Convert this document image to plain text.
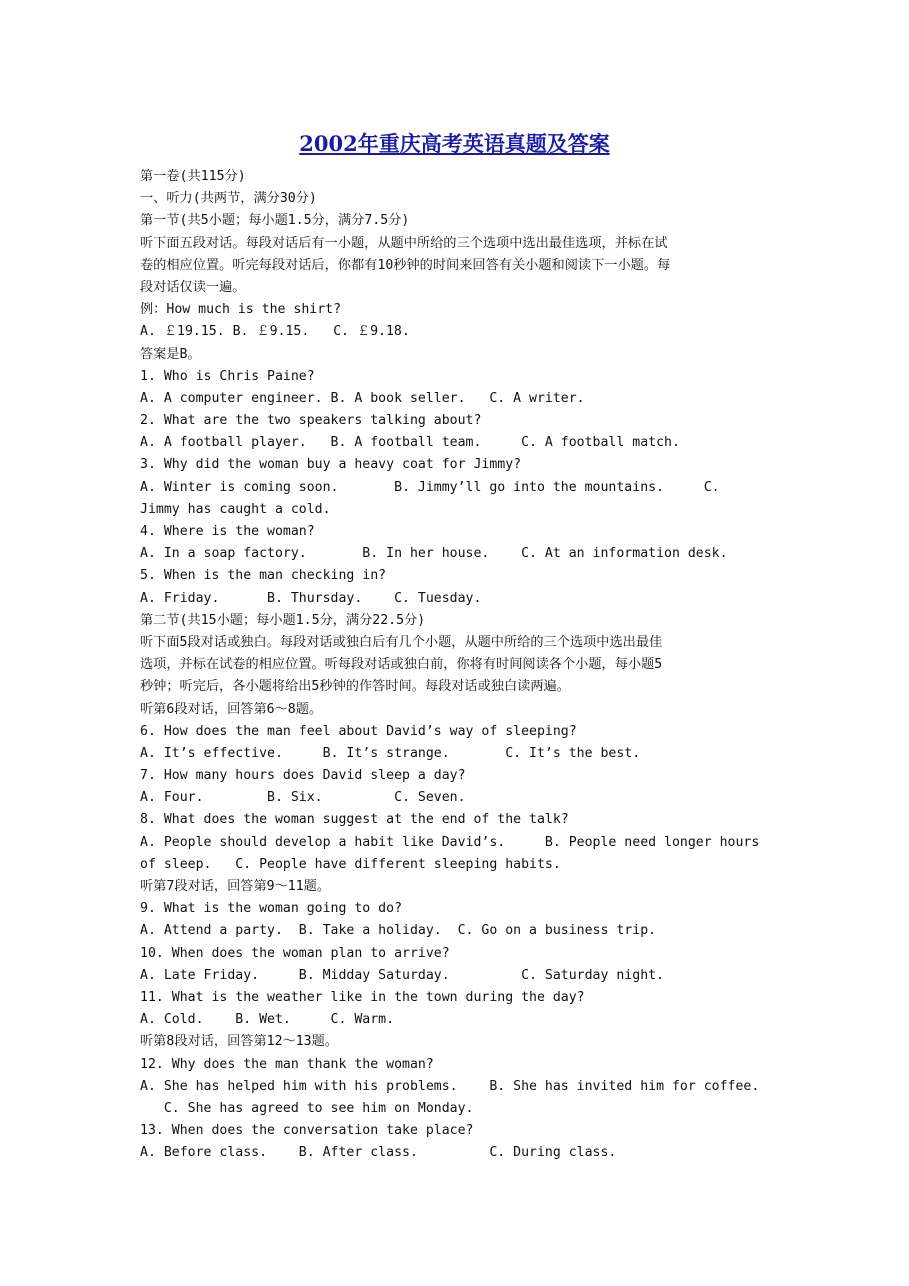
2002年重庆高考英语真题及答案
第一卷(共115分)
一、听力(共两节，满分30分)
第一节(共5小题；每小题1.5分，满分7.5分)
听下面五段对话。每段对话后有一小题，从题中所给的三个选项中选出最佳选项，并标在试
卷的相应位置。听完每段对话后，你都有10秒钟的时间来回答有关小题和阅读下一小题。每
段对话仅读一遍。
例：How much is the shirt?
A. ￡19.15. B. ￡9.15.   C. ￡9.18.
答案是B。
1. Who is Chris Paine?
A. A computer engineer. B. A book seller.   C. A writer.
2. What are the two speakers talking about?
A. A football player.   B. A football team.     C. A football match.
3. Why did the woman buy a heavy coat for Jimmy?
A. Winter is coming soon.       B. Jimmy’ll go into the mountains.     C.
Jimmy has caught a cold.
4. Where is the woman?
A. In a soap factory.       B. In her house.    C. At an information desk.
5. When is the man checking in?
A. Friday.      B. Thursday.    C. Tuesday.
第二节(共15小题；每小题1.5分，满分22.5分)
听下面5段对话或独白。每段对话或独白后有几个小题，从题中所给的三个选项中选出最佳
选项，并标在试卷的相应位置。听每段对话或独白前，你将有时间阅读各个小题，每小题5
秒钟；听完后，各小题将给出5秒钟的作答时间。每段对话或独白读两遍。
听第6段对话，回答第6～8题。
6. How does the man feel about David’s way of sleeping?
A. It’s effective.     B. It’s strange.       C. It’s the best.
7. How many hours does David sleep a day?
A. Four.        B. Six.         C. Seven.
8. What does the woman suggest at the end of the talk?
A. People should develop a habit like David’s.     B. People need longer hours
of sleep.   C. People have different sleeping habits.
听第7段对话，回答第9～11题。
9. What is the woman going to do?
A. Attend a party.  B. Take a holiday.  C. Go on a business trip.
10. When does the woman plan to arrive?
A. Late Friday.     B. Midday Saturday.         C. Saturday night.
11. What is the weather like in the town during the day?
A. Cold.    B. Wet.     C. Warm.
听第8段对话，回答第12～13题。
12. Why does the man thank the woman?
A. She has helped him with his problems.    B. She has invited him for coffee.
C. She has agreed to see him on Monday.
13. When does the conversation take place?
A. Before class.    B. After class.         C. During class.
